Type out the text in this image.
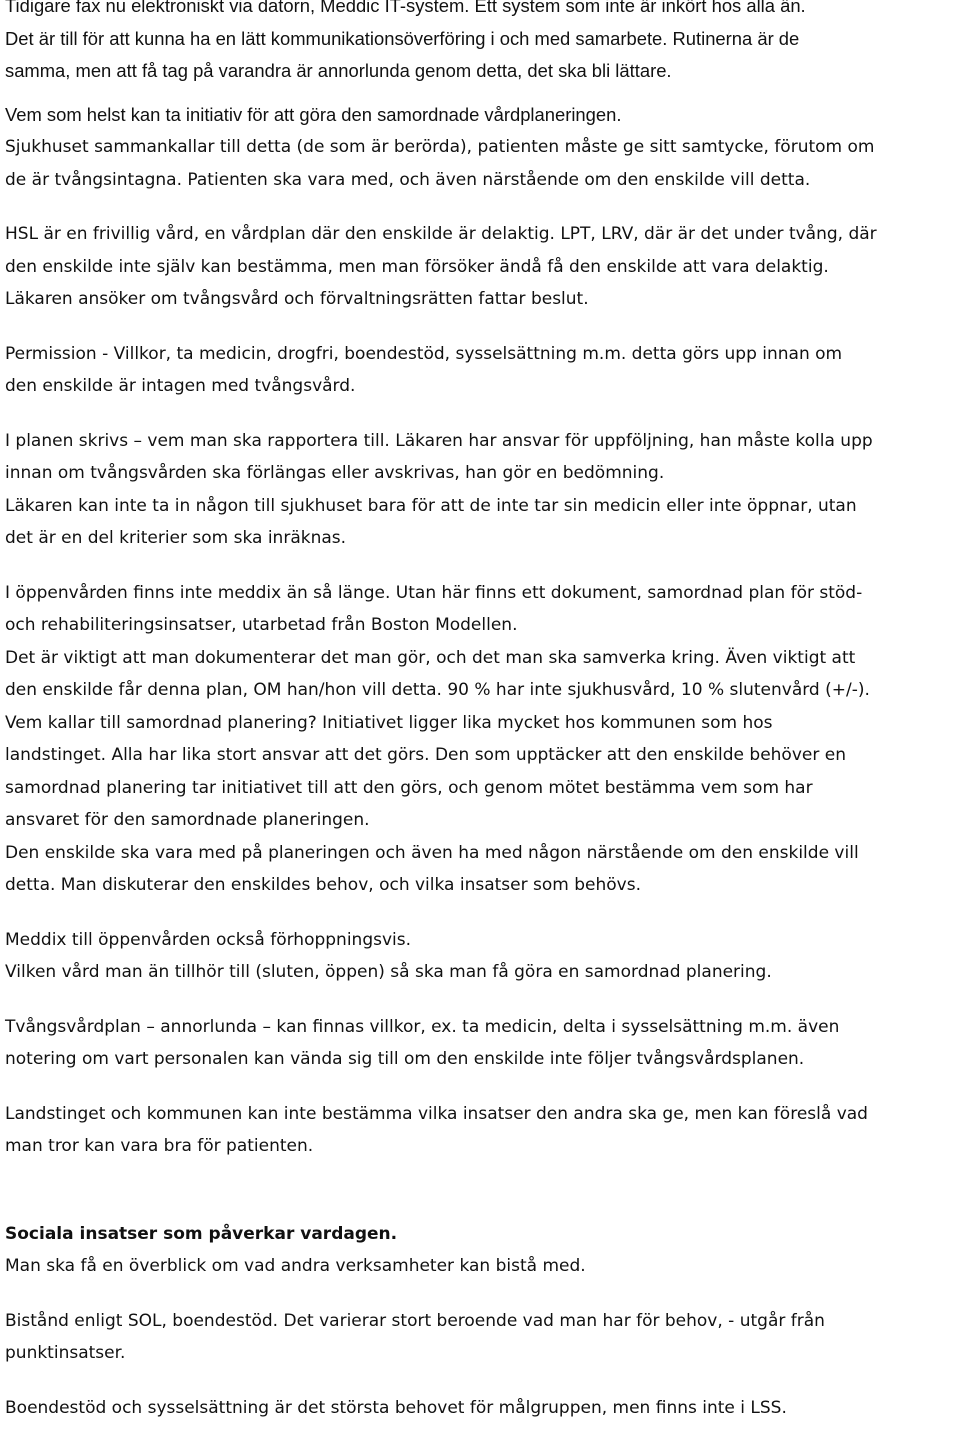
Tidigare fax nu elektroniskt via datorn, Meddic IT-system. Ett system som inte är inkört hos alla än.
Det är till för att kunna ha en lätt kommunikationsöverföring i och med samarbete. Rutinerna är de
samma, men att få tag på varandra är annorlunda genom detta, det ska bli lättare.

Vem som helst kan ta initiativ för att göra den samordnade vårdplaneringen.

Sjukhuset sammankallar till detta (de som är berörda), patienten måste ge sitt samtycke, förutom om
de är tvångsintagna. Patienten ska vara med, och även närstående om den enskilde vill detta.

HSL är en frivillig vård, en vårdplan där den enskilde är delaktig. LPT, LRV, där är det under tvång, där
den enskilde inte själv kan bestämma, men man försöker ändå få den enskilde att vara delaktig.
Läkaren ansöker om tvångsvård och förvaltningsrätten fattar beslut.

Permission - Villkor, ta medicin, drogfri, boendestöd, sysselsättning m.m. detta görs upp innan om
den enskilde är intagen med tvångsvård.

I planen skrivs – vem man ska rapportera till. Läkaren har ansvar för uppföljning, han måste kolla upp
innan om tvångsvården ska förlängas eller avskrivas, han gör en bedömning.
Läkaren kan inte ta in någon till sjukhuset bara för att de inte tar sin medicin eller inte öppnar, utan
det är en del kriterier som ska inräknas.

I öppenvården finns inte meddix än så länge. Utan här finns ett dokument, samordnad plan för stöd-
och rehabiliteringsinsatser, utarbetad från Boston Modellen.
Det är viktigt att man dokumenterar det man gör, och det man ska samverka kring. Även viktigt att
den enskilde får denna plan, OM han/hon vill detta. 90 % har inte sjukhusvård, 10 % slutenvård (+/-).
Vem kallar till samordnad planering? Initiativet ligger lika mycket hos kommunen som hos
landstinget. Alla har lika stort ansvar att det görs. Den som upptäcker att den enskilde behöver en
samordnad planering tar initiativet till att den görs, och genom mötet bestämma vem som har
ansvaret för den samordnade planeringen.
Den enskilde ska vara med på planeringen och även ha med någon närstående om den enskilde vill
detta. Man diskuterar den enskildes behov, och vilka insatser som behövs.

Meddix till öppenvården också förhoppningsvis.
Vilken vård man än tillhör till (sluten, öppen) så ska man få göra en samordnad planering.

Tvångsvårdplan – annorlunda – kan finnas villkor, ex. ta medicin, delta i sysselsättning m.m. även
notering om vart personalen kan vända sig till om den enskilde inte följer tvångsvårdsplanen.

Landstinget och kommunen kan inte bestämma vilka insatser den andra ska ge, men kan föreslå vad
man tror kan vara bra för patienten.

Sociala insatser som påverkar vardagen.
Man ska få en överblick om vad andra verksamheter kan bistå med.

Bistånd enligt SOL, boendestöd. Det varierar stort beroende vad man har för behov, - utgår från
punktinsatser.

Boendestöd och sysselsättning är det största behovet för målgruppen, men finns inte i LSS.
